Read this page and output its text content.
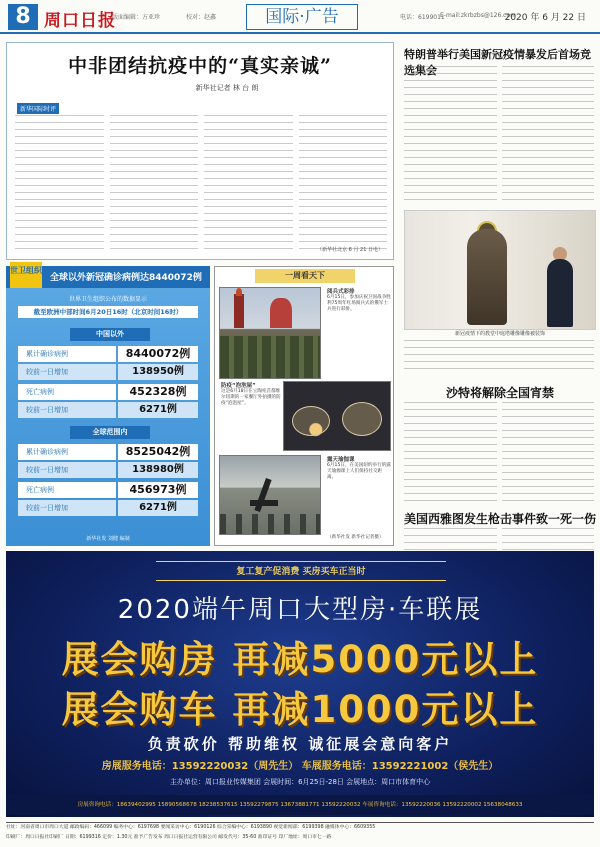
8 周口日报
版面编辑：方亚珍	校对：赵鑫	国际·广告	电话：6199011
E-mail:zkrbzbs@126.com
2020 年 6 月 22 日
中非团结抗疫中的“真实亲诚”
新华社记者 林 台 朗
新华国际时评
（新华社北京 6 月 21 日电）
特朗普举行美国新冠疫情暴发后首场竞选集会
新冠疫情下的教堂中庭塔雕像雕像被装饰
沙特将解除全国宵禁
美国西雅图发生枪击事件致一死一伤
世卫组织
全球以外新冠确诊病例达8440072例
世界卫生组织公布的数据显示
截至欧洲中部时间6月20日16时（北京时间16时）
中国以外
累计确诊病例	8440072例
较前一日增加	138950例
死亡病例	452328例
较前一日增加	6271例
全球范围内
累计确诊病例	8525042例
较前一日增加	138980例
死亡病例	456973例
较前一日增加	6271例
新华社发 刘健 编制
一周看天下
阅兵式彩排
6月15日，参加庆祝卫国战争胜利75周年红场阅兵式的俄军士兵进行彩排。
防疫“泡泡屋”
这是6月18日在立陶宛首都维尔纽斯的一家餐厅外拍摄的防疫“泡泡屋”。
露天瑜伽课
6月15日，在美国纽约举行的露天瑜伽课上人们保持社交距离。
（新华社发 新华社记者摄）
复工复产促消费 买房买车正当时
2020端午周口大型房·车联展
展会购房 再减5000元以上
展会购车 再减1000元以上
负责砍价 帮助维权 诚征展会意向客户
房展服务电话：13592220032（周先生） 车展服务电话：13592221002（侯先生）
主办单位：周口报业传媒集团 会展时间：6月25日-28日 会展地点：周口市体育中心
房展咨询电话：18639402995 15890568678 18238537615 13592279875 13673881771 13592220032 车展咨询电话：13592220036 13592220002 15638048633
社址：河南省周口市周口大道 邮政编码：466099 编务中心：6197698 要闻采访中心：6190126 综合采编中心：6193890 视觉新闻部：6199398 融媒体中心：6609355
印刷厂：周口日报社印刷厂 日期：6199316 定价：1.30元 准予广告发布 周口日报社运营有限公司 邮发代号：35-60 准印证号 印厂地址：周口市七一路
